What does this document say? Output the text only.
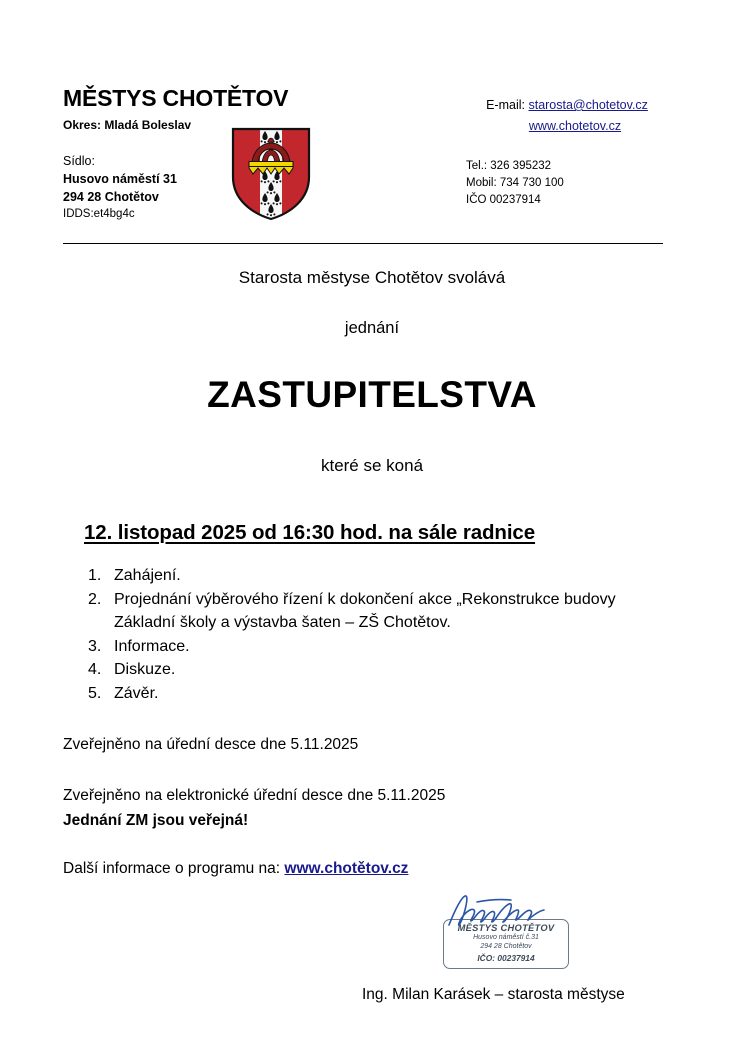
MĚSTYS CHOTĚTOV
Okres: Mladá Boleslav
Sídlo:
Husovo náměstí 31
294 28 Chotětov
IDDS:et4bg4c
E-mail: starosta@chotetov.cz
www.chotetov.cz
Tel.: 326 395232
Mobil: 734 730 100
IČO 00237914
Starosta městyse Chotětov svolává
jednání
ZASTUPITELSTVA
které se koná
12. listopad 2025 od 16:30 hod. na sále radnice
1. Zahájení.
2. Projednání výběrového řízení k dokončení akce „Rekonstrukce budovy Základní školy a výstavba šaten – ZŠ Chotětov.
3. Informace.
4. Diskuze.
5. Závěr.
Zveřejněno na úřední desce dne 5.11.2025
Zveřejněno na elektronické úřední desce dne 5.11.2025
Jednání ZM jsou veřejná!
Další informace o programu na: www.chotětov.cz
MĚSTYS CHOTĚTOV
Husovo náměstí č.31
294 28 Chotětov
IČO: 00237914
Ing. Milan Karásek – starosta městyse
